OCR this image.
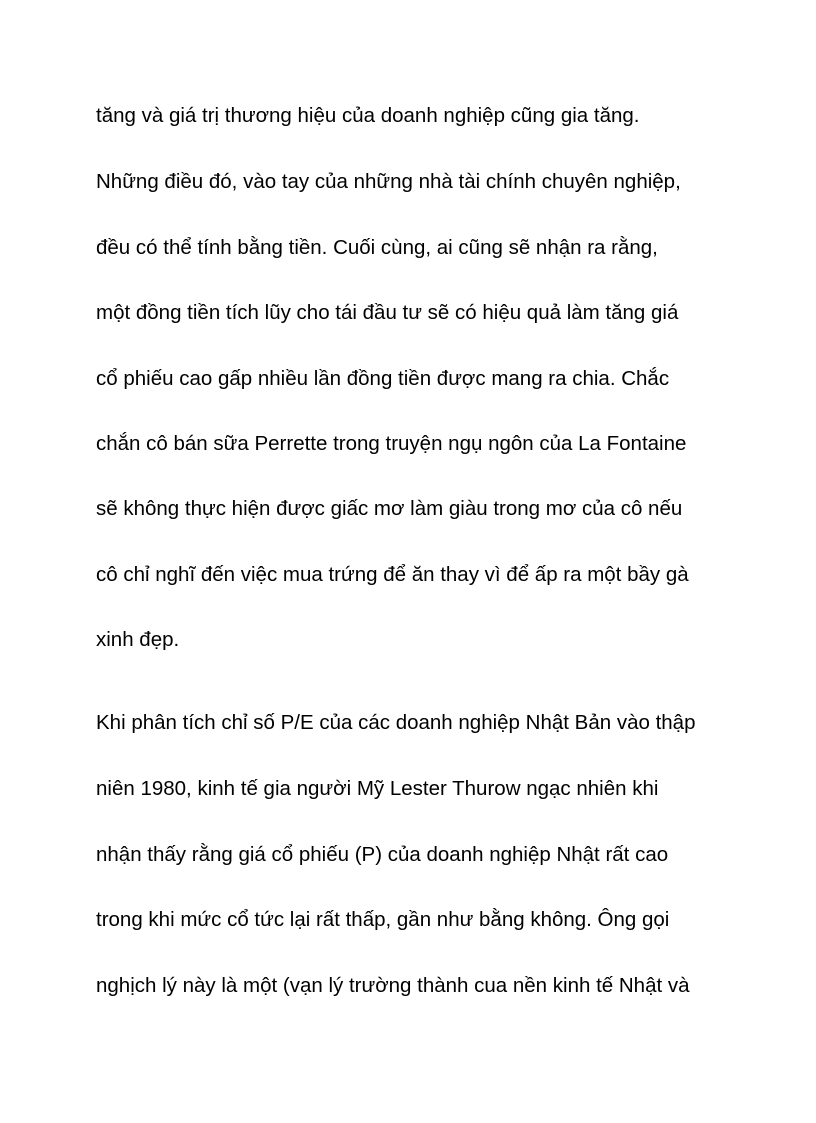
tăng và giá trị thương hiệu của doanh nghiệp cũng gia tăng.

Những điều đó, vào tay của những nhà tài chính chuyên nghiệp,

đều có thể tính bằng tiền. Cuối cùng, ai cũng sẽ nhận ra rằng,

một đồng tiền tích lũy cho tái đầu tư sẽ có hiệu quả làm tăng giá

cổ phiếu cao gấp nhiều lần đồng tiền được mang ra chia. Chắc

chắn cô bán sữa Perrette trong truyện ngụ ngôn của La Fontaine

sẽ không thực hiện được giấc mơ làm giàu trong mơ của cô nếu

cô chỉ nghĩ đến việc mua trứng để ăn thay vì để ấp ra một bầy gà

xinh đẹp.

Khi phân tích chỉ số P/E của các doanh nghiệp Nhật Bản vào thập

niên 1980, kinh tế gia người Mỹ Lester Thurow ngạc nhiên khi

nhận thấy rằng giá cổ phiếu (P) của doanh nghiệp Nhật rất cao

trong khi mức cổ tức lại rất thấp, gần như bằng không. Ông gọi

nghịch lý này là một (vạn lý trường thành cua nền kinh tế Nhật và
